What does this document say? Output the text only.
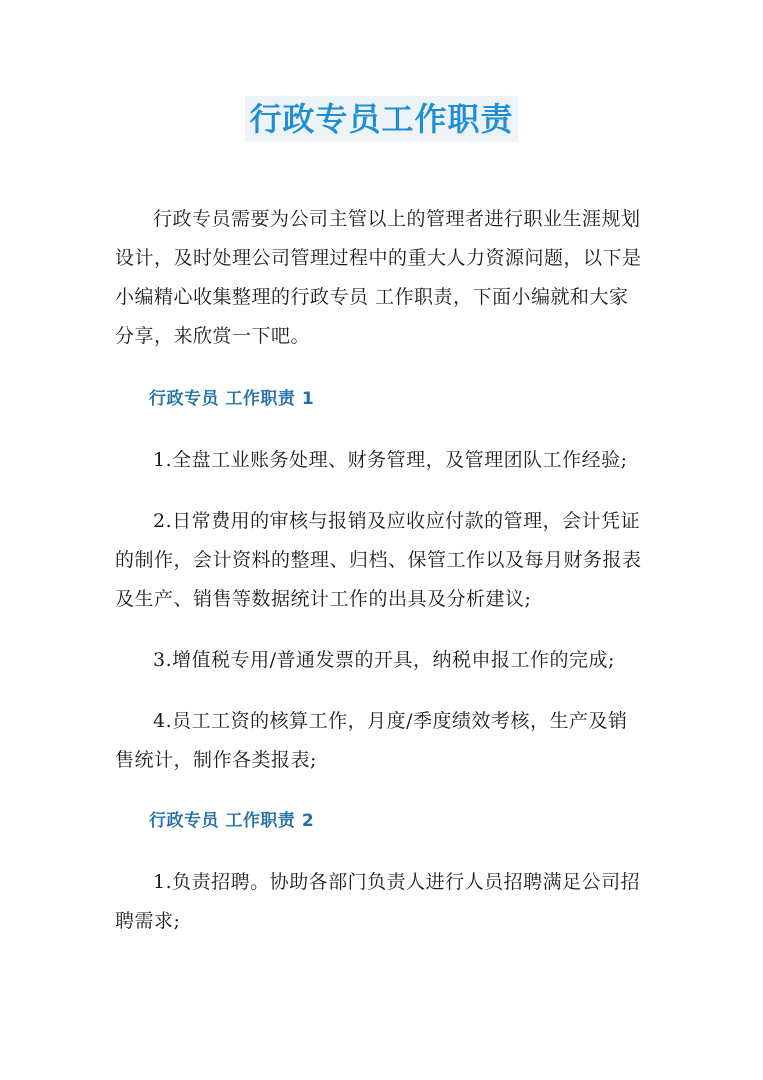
行政专员工作职责

行政专员需要为公司主管以上的管理者进行职业生涯规划设计，及时处理公司管理过程中的重大人力资源问题，以下是小编精心收集整理的行政专员 工作职责，下面小编就和大家分享，来欣赏一下吧。

行政专员 工作职责 1

1.全盘工业账务处理、财务管理，及管理团队工作经验;

2.日常费用的审核与报销及应收应付款的管理，会计凭证的制作，会计资料的整理、归档、保管工作以及每月财务报表及生产、销售等数据统计工作的出具及分析建议;

3.增值税专用/普通发票的开具，纳税申报工作的完成;

4.员工工资的核算工作，月度/季度绩效考核，生产及销售统计，制作各类报表;

行政专员 工作职责 2

1.负责招聘。协助各部门负责人进行人员招聘满足公司招聘需求;
